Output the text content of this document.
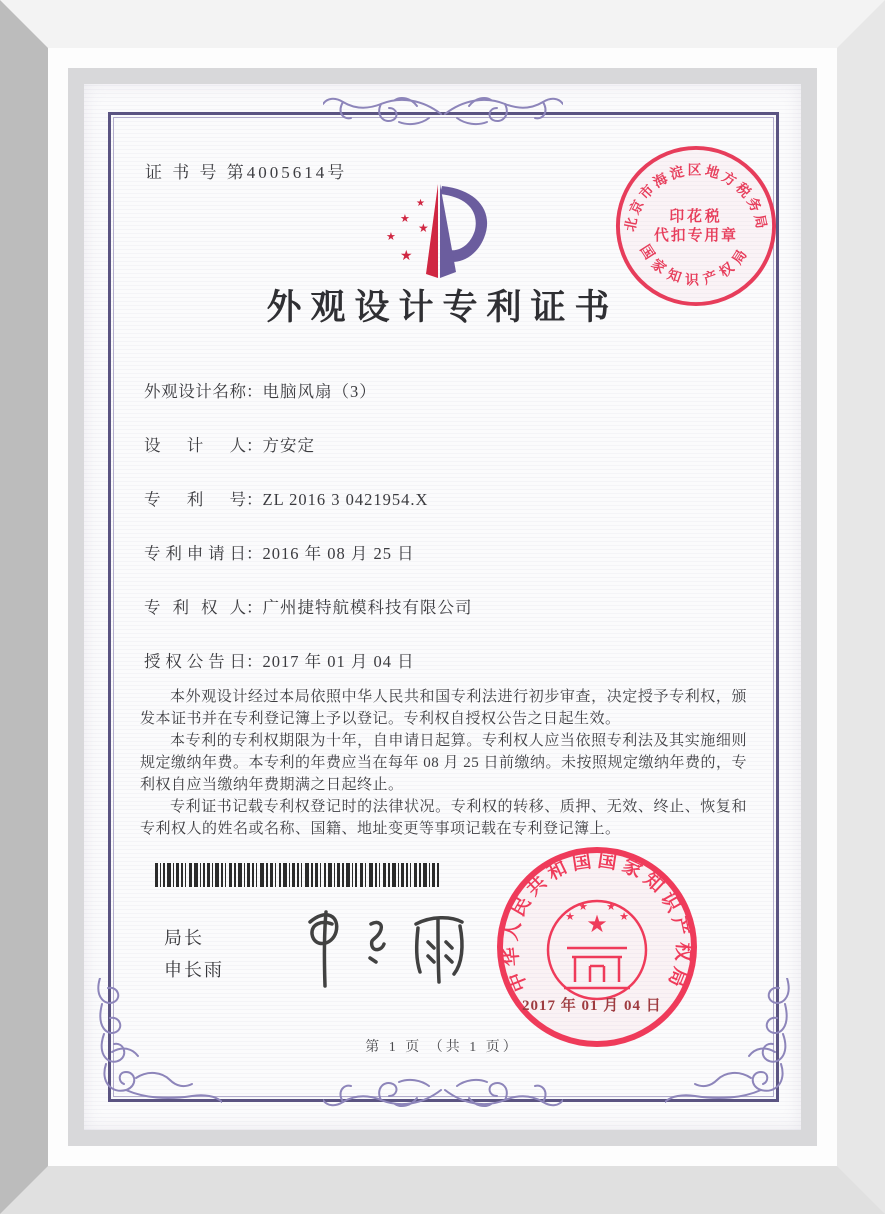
证 书 号 第4005614号
北京市海淀区地方税务局
国家知识产权局
印花税
代扣专用章
★
★
★
★
★
外观设计专利证书
外观设计名称：电脑风扇（3）
设计人：方安定
专利号：ZL 2016 3 0421954.X
专利申请日：2016 年 08 月 25 日
专利权人：广州捷特航模科技有限公司
授权公告日：2017 年 01 月 04 日

本外观设计经过本局依照中华人民共和国专利法进行初步审查，决定授予专利权，颁发本证书并在专利登记簿上予以登记。专利权自授权公告之日起生效。

本专利的专利权期限为十年，自申请日起算。专利权人应当依照专利法及其实施细则规定缴纳年费。本专利的年费应当在每年 08 月 25 日前缴纳。未按照规定缴纳年费的，专利权自应当缴纳年费期满之日起终止。

专利证书记载专利权登记时的法律状况。专利权的转移、质押、无效、终止、恢复和专利权人的姓名或名称、国籍、地址变更等事项记载在专利登记簿上。

局长
申长雨	中华人民共和国国家知识产权局
★
★
★ ★
★
2017 年 01 月 04 日
第 1 页 （共 1 页）
